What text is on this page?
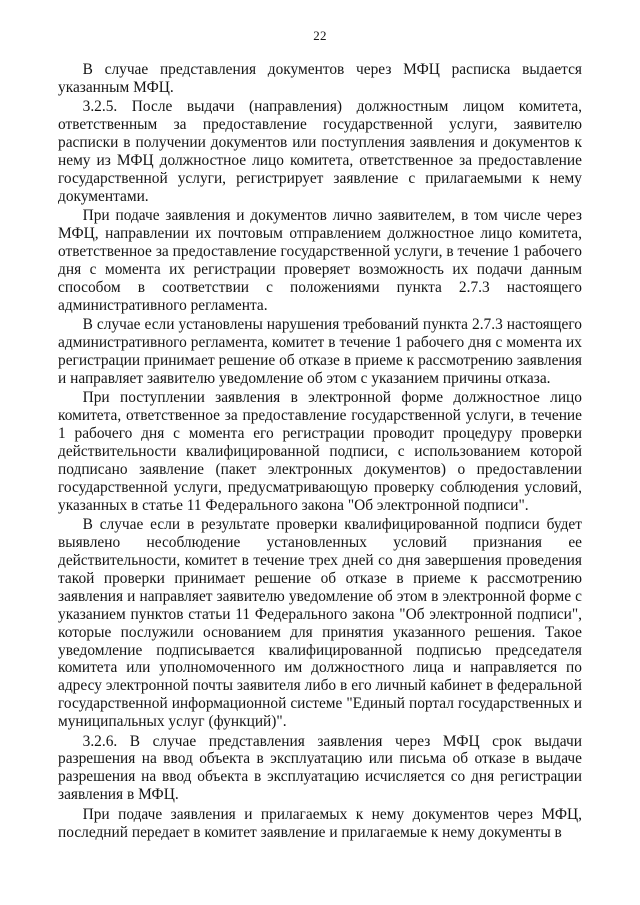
22

В случае представления документов через МФЦ расписка выдается указанным МФЦ.

3.2.5. После выдачи (направления) должностным лицом комитета, ответственным за предоставление государственной услуги, заявителю расписки в получении документов или поступления заявления и документов к нему из МФЦ должностное лицо комитета, ответственное за предоставление государственной услуги, регистрирует заявление с прилагаемыми к нему документами.

При подаче заявления и документов лично заявителем, в том числе через МФЦ, направлении их почтовым отправлением должностное лицо комитета, ответственное за предоставление государственной услуги, в течение 1 рабочего дня с момента их регистрации проверяет возможность их подачи данным способом в соответствии с положениями пункта 2.7.3 настоящего административного регламента.

В случае если установлены нарушения требований пункта 2.7.3 настоящего административного регламента, комитет в течение 1 рабочего дня с момента их регистрации принимает решение об отказе в приеме к рассмотрению заявления и направляет заявителю уведомление об этом с указанием причины отказа.

При поступлении заявления в электронной форме должностное лицо комитета, ответственное за предоставление государственной услуги, в течение 1 рабочего дня с момента его регистрации проводит процедуру проверки действительности квалифицированной подписи, с использованием которой подписано заявление (пакет электронных документов) о предоставлении государственной услуги, предусматривающую проверку соблюдения условий, указанных в статье 11 Федерального закона "Об электронной подписи".

В случае если в результате проверки квалифицированной подписи будет выявлено несоблюдение установленных условий признания ее действительности, комитет в течение трех дней со дня завершения проведения такой проверки принимает решение об отказе в приеме к рассмотрению заявления и направляет заявителю уведомление об этом в электронной форме с указанием пунктов статьи 11 Федерального закона "Об электронной подписи", которые послужили основанием для принятия указанного решения. Такое уведомление подписывается квалифицированной подписью председателя комитета или уполномоченного им должностного лица и направляется по адресу электронной почты заявителя либо в его личный кабинет в федеральной государственной информационной системе "Единый портал государственных и муниципальных услуг (функций)".

3.2.6. В случае представления заявления через МФЦ срок выдачи разрешения на ввод объекта в эксплуатацию или письма об отказе в выдаче разрешения на ввод объекта в эксплуатацию исчисляется со дня регистрации заявления в МФЦ.

При подаче заявления и прилагаемых к нему документов через МФЦ, последний передает в комитет заявление и прилагаемые к нему документы в
